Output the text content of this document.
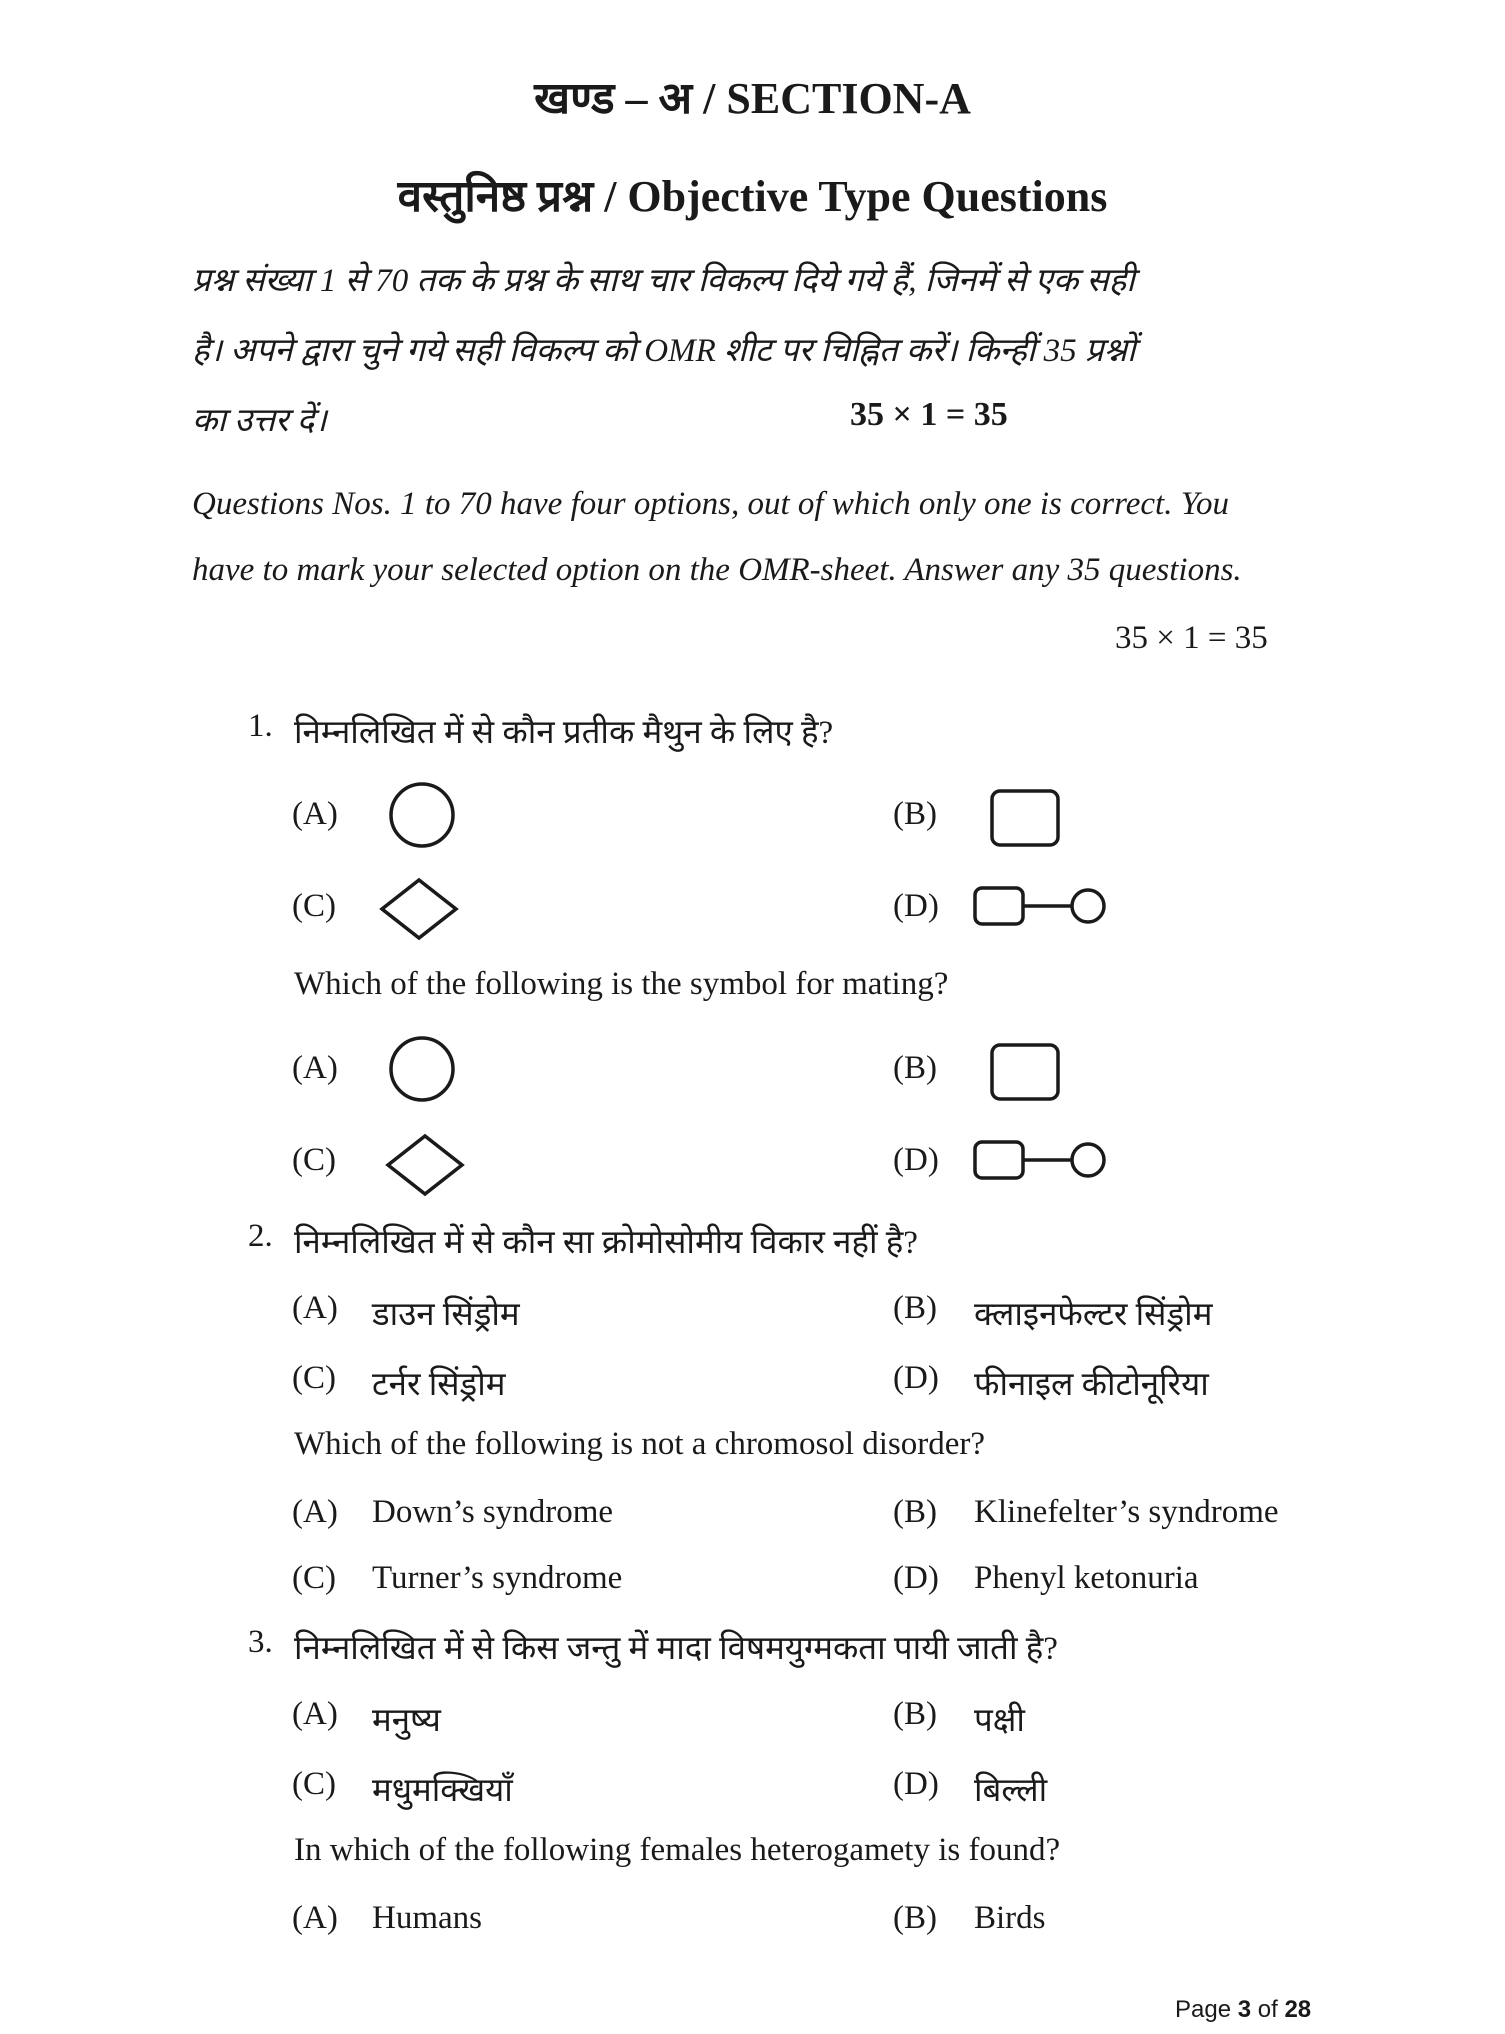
खण्ड – अ / SECTION-A
वस्तुनिष्ठ प्रश्न / Objective Type Questions
प्रश्न संख्या 1 से 70 तक के प्रश्न के साथ चार विकल्प दिये गये हैं, जिनमें से एक सही
है। अपने द्वारा चुने गये सही विकल्प को OMR शीट पर चिह्नित करें। किन्हीं 35 प्रश्नों
का उत्तर दें।	35 × 1 = 35
Questions Nos. 1 to 70 have four options, out of which only one is correct. You
have to mark your selected option on the OMR-sheet. Answer any 35 questions.
35 × 1 = 35
1. निम्नलिखित में से कौन प्रतीक मैथुन के लिए है?
(A)	(B)
(C)	(D)
Which of the following is the symbol for mating?
(A)	(B)
(C)	(D)
2. निम्नलिखित में से कौन सा क्रोमोसोमीय विकार नहीं है?
(A) डाउन सिंड्रोम	(B) क्लाइनफेल्टर सिंड्रोम
(C) टर्नर सिंड्रोम	(D) फीनाइल कीटोनूरिया
Which of the following is not a chromosol disorder?
(A) Down’s syndrome	(B) Klinefelter’s syndrome
(C) Turner’s syndrome	(D) Phenyl ketonuria
3. निम्नलिखित में से किस जन्तु में मादा विषमयुग्मकता पायी जाती है?
(A) मनुष्य	(B) पक्षी
(C) मधुमक्खियाँ	(D) बिल्ली
In which of the following females heterogamety is found?
(A) Humans	(B) Birds
Page 3 of 28
